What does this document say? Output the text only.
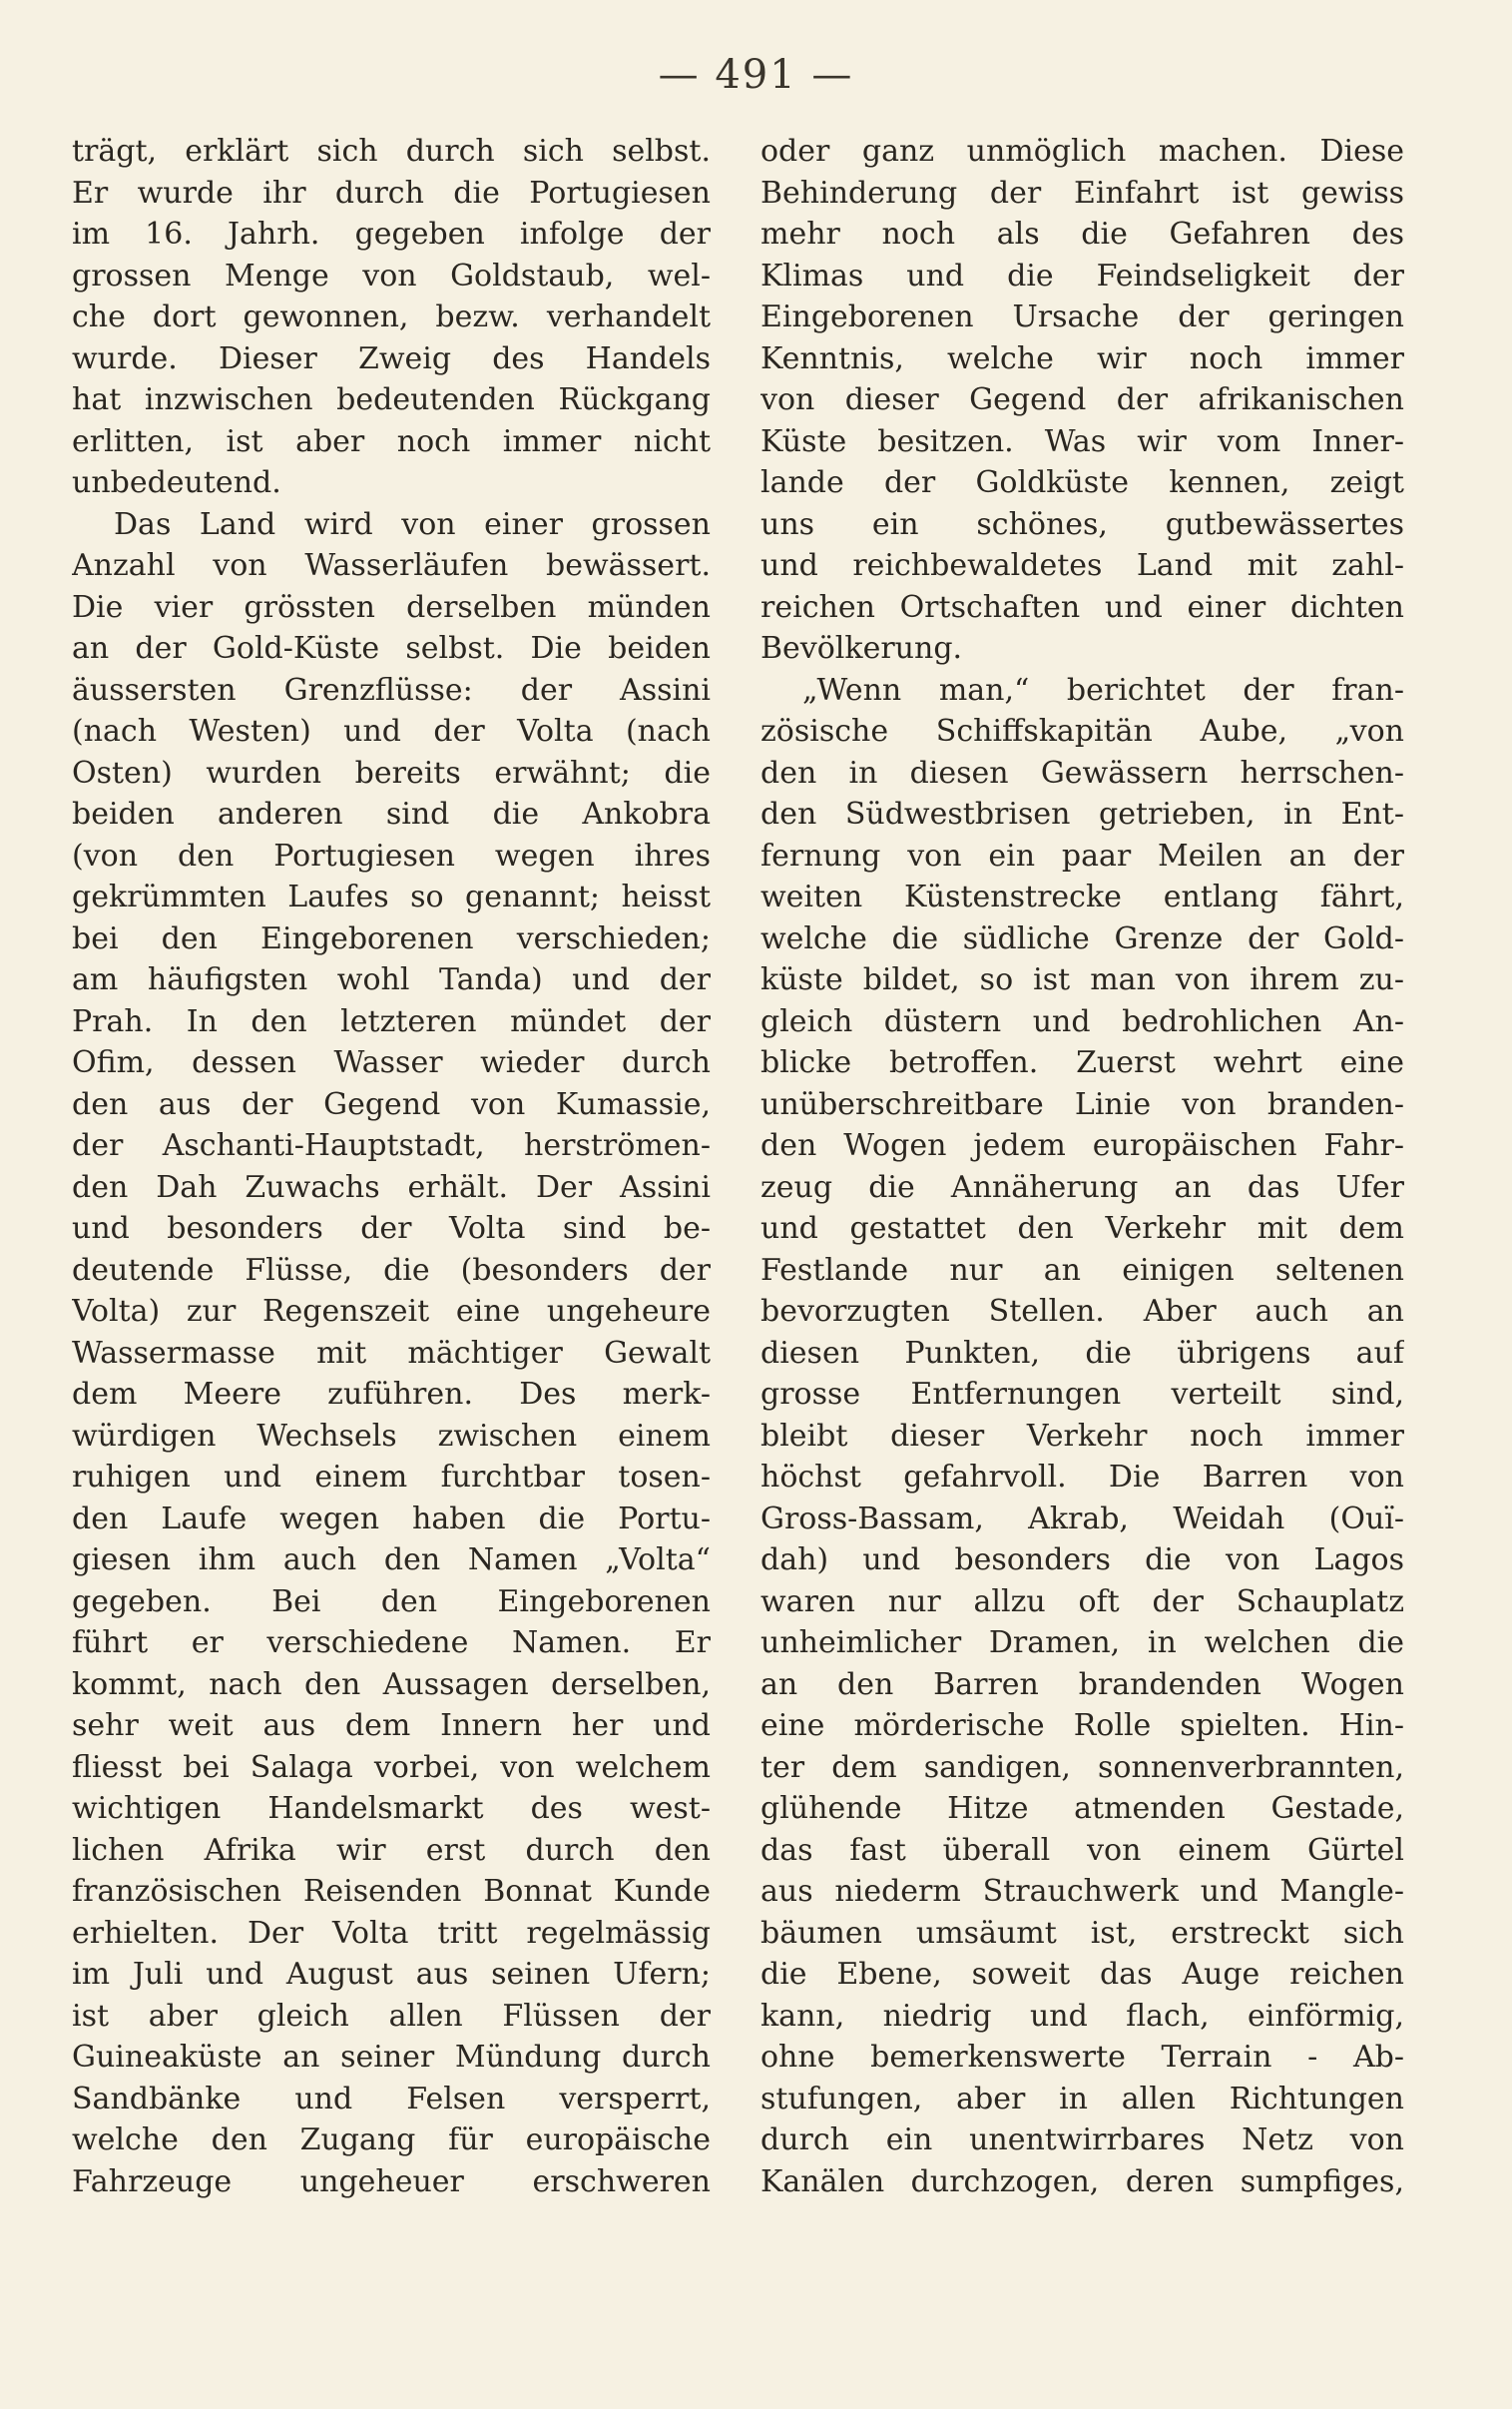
— 491 —
trägt, erklärt sich durch sich selbst.
Er wurde ihr durch die Portugiesen
im 16. Jahrh. gegeben infolge der
grossen Menge von Goldstaub, wel-
che dort gewonnen, bezw. verhandelt
wurde. Dieser Zweig des Handels
hat inzwischen bedeutenden Rückgang
erlitten, ist aber noch immer nicht
unbedeutend.
Das Land wird von einer grossen
Anzahl von Wasserläufen bewässert.
Die vier grössten derselben münden
an der Gold-Küste selbst. Die beiden
äussersten Grenzflüsse: der Assini
(nach Westen) und der Volta (nach
Osten) wurden bereits erwähnt; die
beiden anderen sind die Ankobra
(von den Portugiesen wegen ihres
gekrümmten Laufes so genannt; heisst
bei den Eingeborenen verschieden;
am häufigsten wohl Tanda) und der
Prah. In den letzteren mündet der
Ofim, dessen Wasser wieder durch
den aus der Gegend von Kumassie,
der Aschanti-Hauptstadt, herströmen-
den Dah Zuwachs erhält. Der Assini
und besonders der Volta sind be-
deutende Flüsse, die (besonders der
Volta) zur Regenszeit eine ungeheure
Wassermasse mit mächtiger Gewalt
dem Meere zuführen. Des merk-
würdigen Wechsels zwischen einem
ruhigen und einem furchtbar tosen-
den Laufe wegen haben die Portu-
giesen ihm auch den Namen „Volta“
gegeben. Bei den Eingeborenen
führt er verschiedene Namen. Er
kommt, nach den Aussagen derselben,
sehr weit aus dem Innern her und
fliesst bei Salaga vorbei, von welchem
wichtigen Handelsmarkt des west-
lichen Afrika wir erst durch den
französischen Reisenden Bonnat Kunde
erhielten. Der Volta tritt regelmässig
im Juli und August aus seinen Ufern;
ist aber gleich allen Flüssen der
Guineaküste an seiner Mündung durch
Sandbänke und Felsen versperrt,
welche den Zugang für europäische
Fahrzeuge ungeheuer erschweren
oder ganz unmöglich machen. Diese
Behinderung der Einfahrt ist gewiss
mehr noch als die Gefahren des
Klimas und die Feindseligkeit der
Eingeborenen Ursache der geringen
Kenntnis, welche wir noch immer
von dieser Gegend der afrikanischen
Küste besitzen. Was wir vom Inner-
lande der Goldküste kennen, zeigt
uns ein schönes, gutbewässertes
und reichbewaldetes Land mit zahl-
reichen Ortschaften und einer dichten
Bevölkerung.
„Wenn man,“ berichtet der fran-
zösische Schiffskapitän Aube, „von
den in diesen Gewässern herrschen-
den Südwestbrisen getrieben, in Ent-
fernung von ein paar Meilen an der
weiten Küstenstrecke entlang fährt,
welche die südliche Grenze der Gold-
küste bildet, so ist man von ihrem zu-
gleich düstern und bedrohlichen An-
blicke betroffen. Zuerst wehrt eine
unüberschreitbare Linie von branden-
den Wogen jedem europäischen Fahr-
zeug die Annäherung an das Ufer
und gestattet den Verkehr mit dem
Festlande nur an einigen seltenen
bevorzugten Stellen. Aber auch an
diesen Punkten, die übrigens auf
grosse Entfernungen verteilt sind,
bleibt dieser Verkehr noch immer
höchst gefahrvoll. Die Barren von
Gross-Bassam, Akrab, Weidah (Ouï-
dah) und besonders die von Lagos
waren nur allzu oft der Schauplatz
unheimlicher Dramen, in welchen die
an den Barren brandenden Wogen
eine mörderische Rolle spielten. Hin-
ter dem sandigen, sonnenverbrannten,
glühende Hitze atmenden Gestade,
das fast überall von einem Gürtel
aus niederm Strauchwerk und Mangle-
bäumen umsäumt ist, erstreckt sich
die Ebene, soweit das Auge reichen
kann, niedrig und flach, einförmig,
ohne bemerkenswerte Terrain - Ab-
stufungen, aber in allen Richtungen
durch ein unentwirrbares Netz von
Kanälen durchzogen, deren sumpfiges,
